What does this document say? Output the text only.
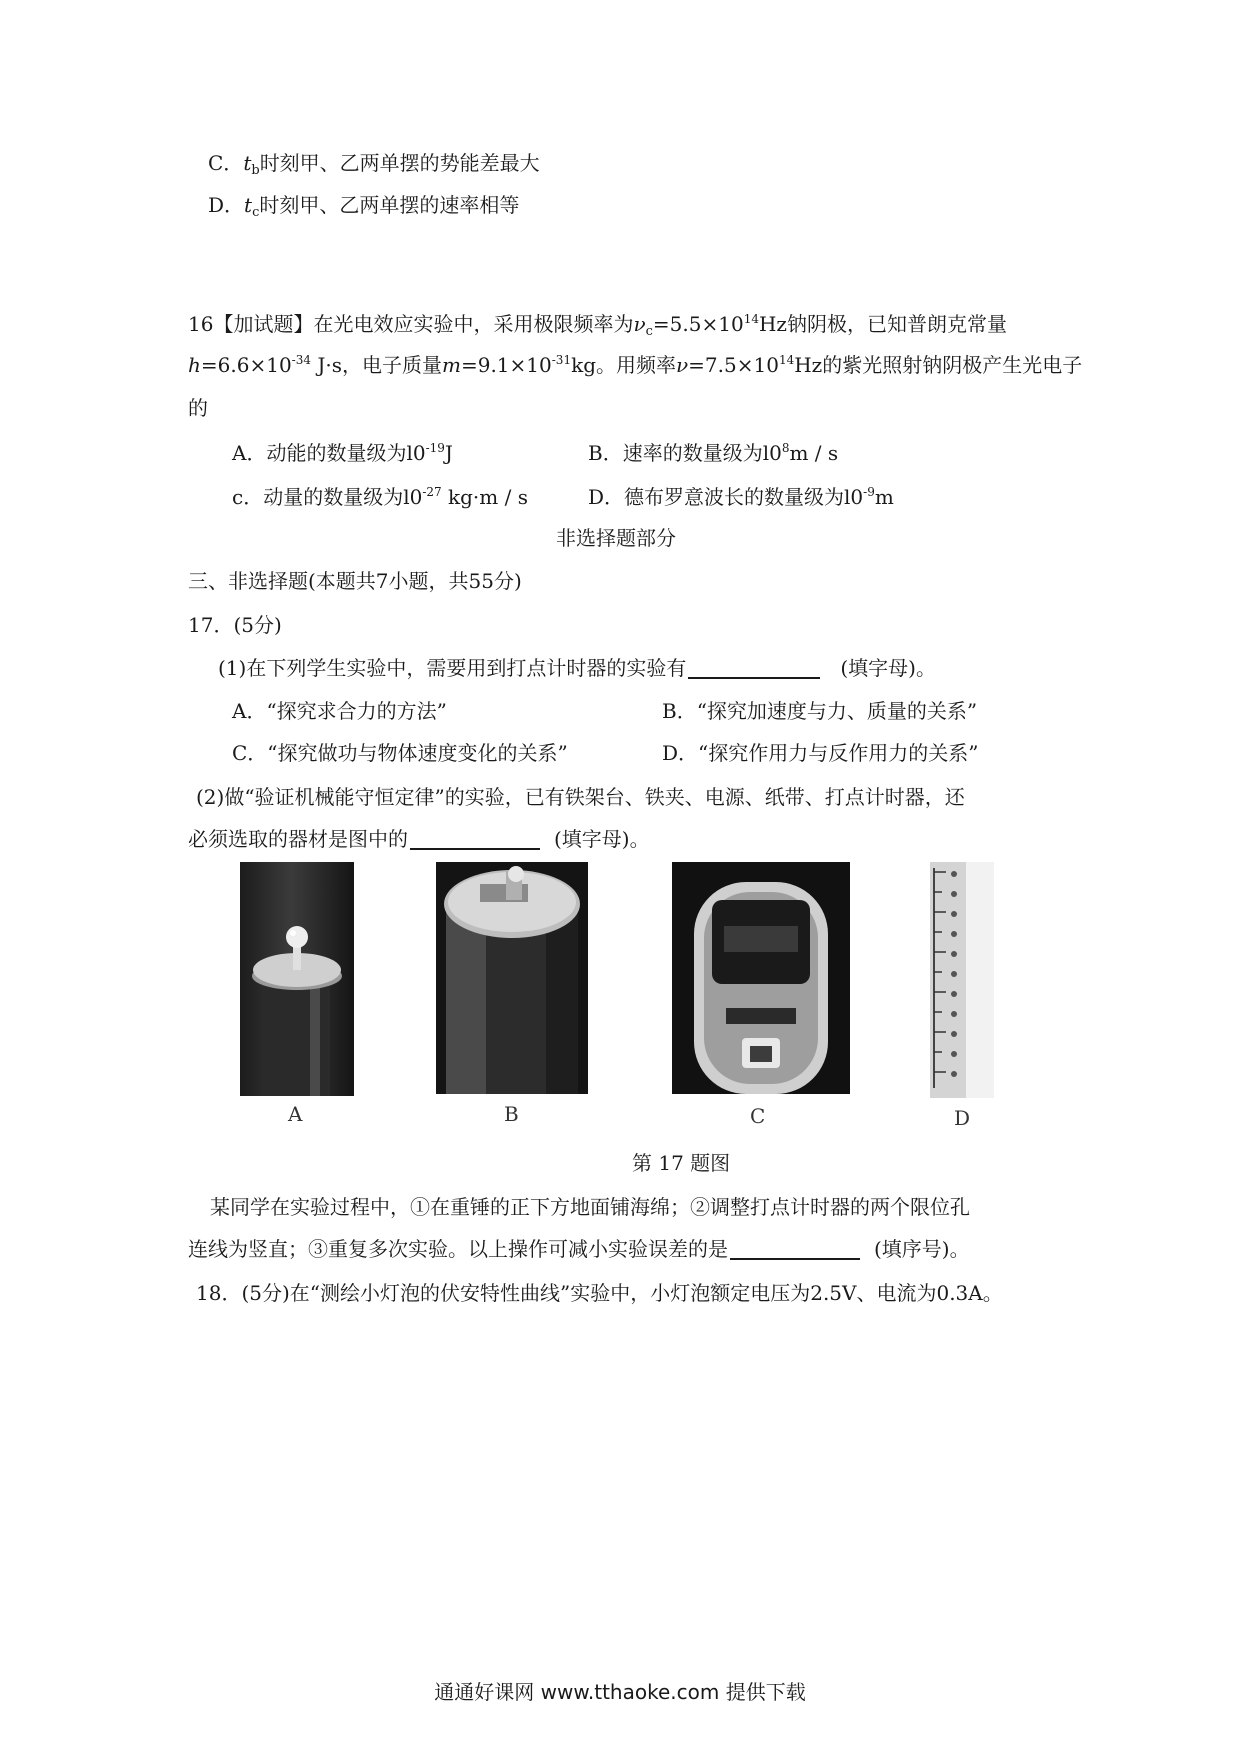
C．$t_b$时刻甲、乙两单摆的势能差最大
D．$t_c$时刻甲、乙两单摆的速率相等
16【加试题】在光电效应实验中，采用极限频率为$\nu_c=5.5\times 10^{14}Hz$钠阴极，已知普朗克常量
$h=6.6\times 10^{-34}$ J·s，电子质量$m=9.1\times 10^{-31}kg$。用频率$\nu=7.5\times 10^{14}Hz$的紫光照射钠阴极产生光电子
的
A．动能的数量级为$l0^{-19}J$	B．速率的数量级为$l0^8m$ / s
c．动量的数量级为$l0^{-27}$ kg·m / s	D．德布罗意波长的数量级为$l0^{-9}m$
非选择题部分
三、非选择题(本题共7小题，共55分)
17．(5分)
(1)在下列学生实验中，需要用到打点计时器的实验有	(填字母)。
A．“探究求合力的方法”	B．“探究加速度与力、质量的关系”
C．“探究做功与物体速度变化的关系”	D．“探究作用力与反作用力的关系”
(2)做“验证机械能守恒定律”的实验，已有铁架台、铁夹、电源、纸带、打点计时器，还
必须选取的器材是图中的	(填字母)。
A	B	C	D
第 17 题图
某同学在实验过程中，①在重锤的正下方地面铺海绵；②调整打点计时器的两个限位孔
连线为竖直；③重复多次实验。以上操作可减小实验误差的是	(填序号)。
18．(5分)在“测绘小灯泡的伏安特性曲线”实验中，小灯泡额定电压为2.5V、电流为0.3A。
通通好课网 www.tthaoke.com 提供下载
